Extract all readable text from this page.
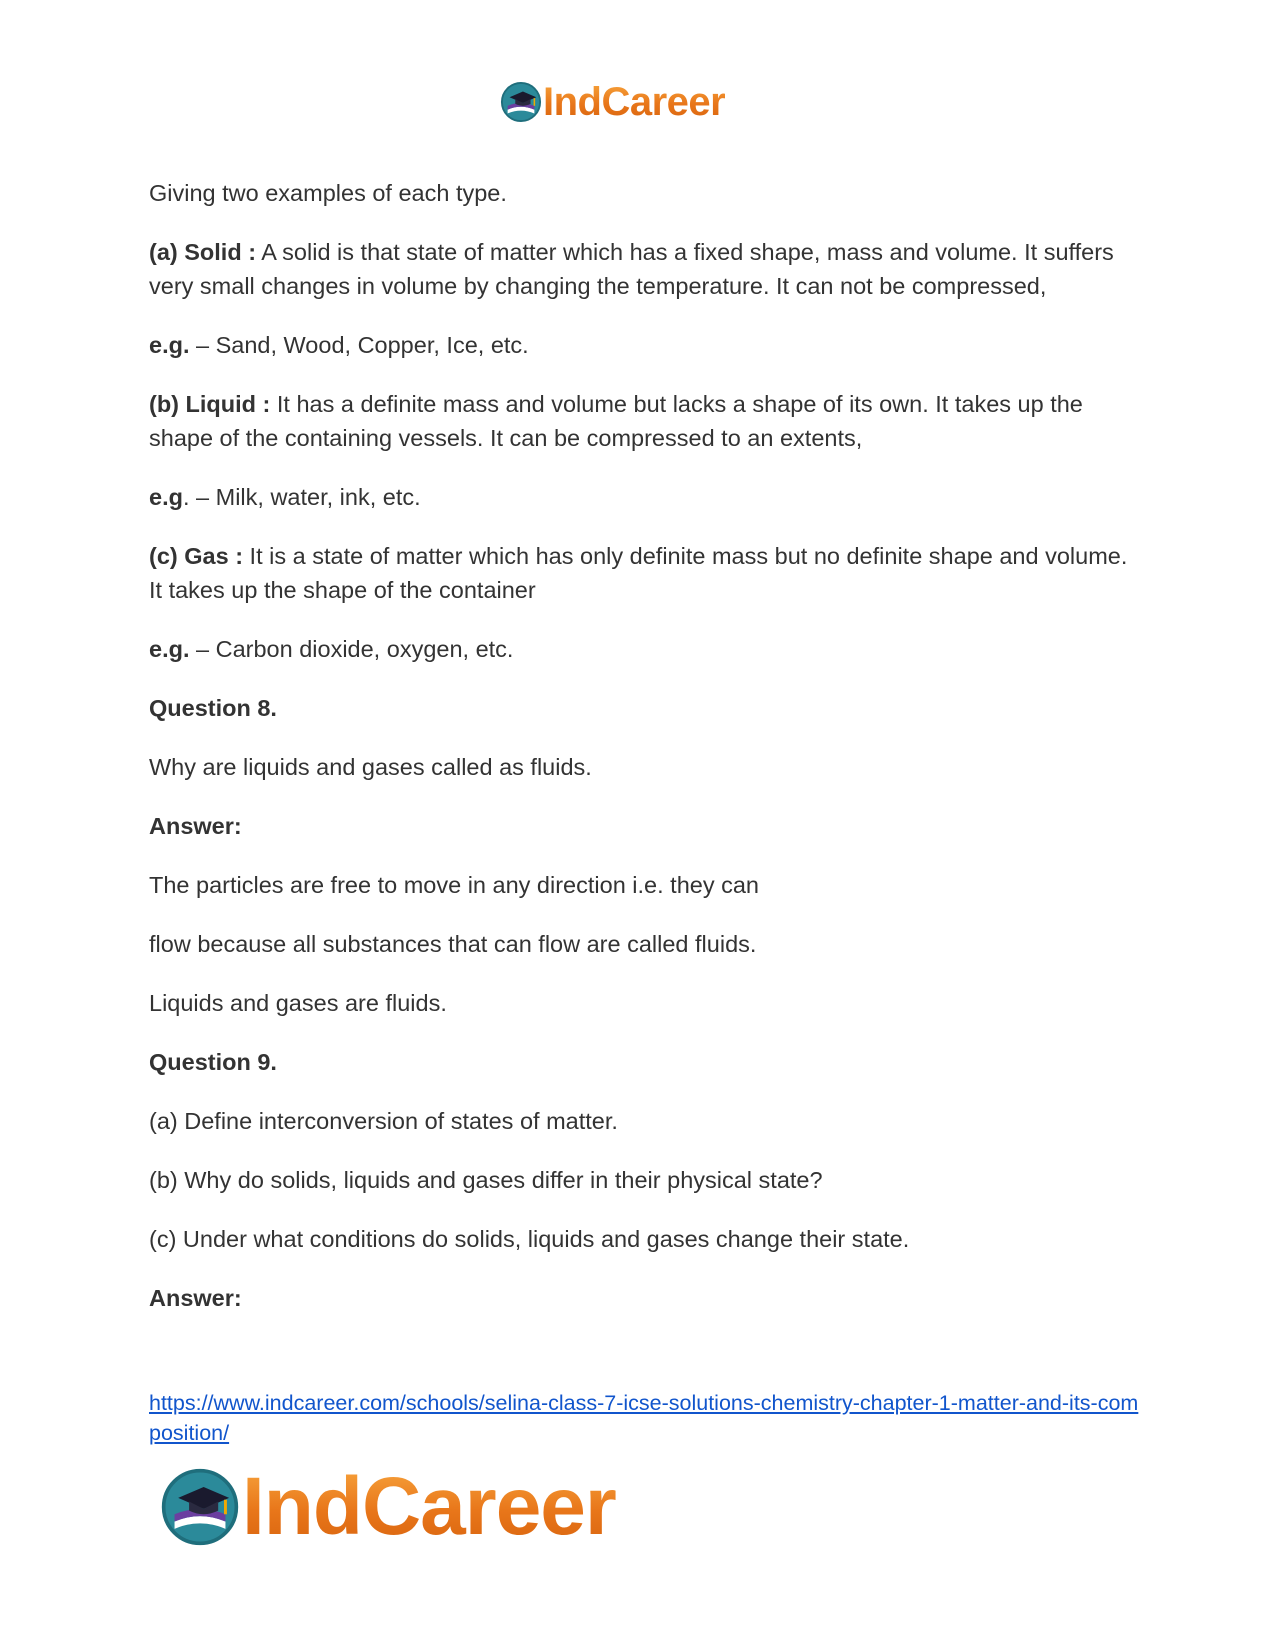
IndCareer

Giving two examples of each type.

(a) Solid : A solid is that state of matter which has a fixed shape, mass and volume. It suffers very small changes in volume by changing the temperature. It can not be compressed,

e.g. – Sand, Wood, Copper, Ice, etc.

(b) Liquid : It has a definite mass and volume but lacks a shape of its own. It takes up the shape of the containing vessels. It can be compressed to an extents,

e.g. – Milk, water, ink, etc.

(c) Gas : It is a state of matter which has only definite mass but no definite shape and volume. It takes up the shape of the container

e.g. – Carbon dioxide, oxygen, etc.

Question 8.

Why are liquids and gases called as fluids.

Answer:

The particles are free to move in any direction i.e. they can

flow because all substances that can flow are called fluids.

Liquids and gases are fluids.

Question 9.

(a) Define interconversion of states of matter.

(b) Why do solids, liquids and gases differ in their physical state?

(c) Under what conditions do solids, liquids and gases change their state.

Answer:

https://www.indcareer.com/schools/selina-class-7-icse-solutions-chemistry-chapter-1-matter-and-its-composition/
IndCareer
